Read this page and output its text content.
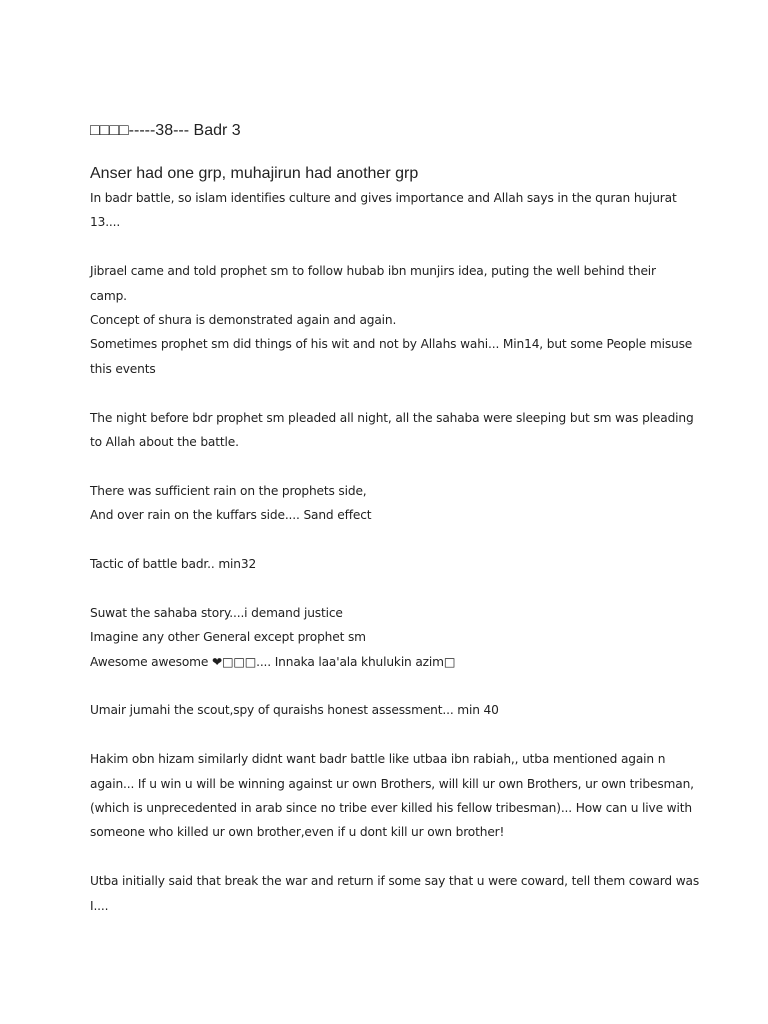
□□□□-----38--- Badr 3
Anser had one grp, muhajirun had another grp
In badr battle, so islam identifies culture and gives importance and Allah says in the quran hujurat
13....
Jibrael came and told prophet sm to follow hubab ibn munjirs idea, puting the well behind their
camp.
Concept of shura is demonstrated again and again.
Sometimes prophet sm did things of his wit and not by Allahs wahi... Min14, but some People misuse
this events
The night before bdr prophet sm pleaded all night, all the sahaba were sleeping but sm was pleading
to Allah about the battle.
There was sufficient rain on the prophets side,
And over rain on the kuffars side.... Sand effect
Tactic of battle badr.. min32
Suwat the sahaba story....i demand justice
Imagine any other General except prophet sm
Awesome awesome ❤□□□.... Innaka laa'ala khulukin azim□
Umair jumahi the scout,spy of quraishs honest assessment... min 40
Hakim obn hizam similarly didnt want badr battle like utbaa ibn rabiah,, utba mentioned again n
again... If u win u will be winning against ur own Brothers, will kill ur own Brothers, ur own tribesman,
(which is unprecedented in arab since no tribe ever killed his fellow tribesman)... How can u live with
someone who killed ur own brother,even if u dont kill ur own brother!
Utba initially said that break the war and return if some say that u were coward, tell them coward was
I....
